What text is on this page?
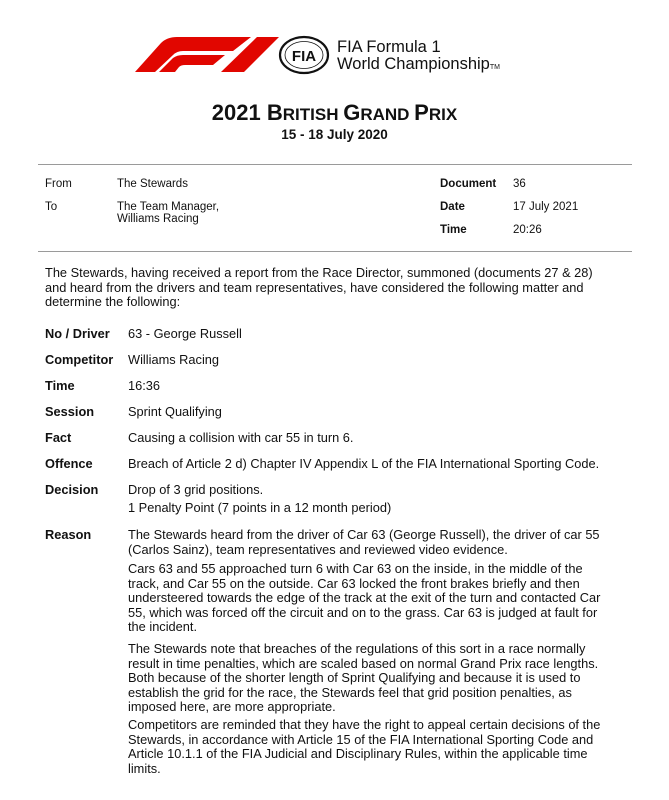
FIA
FIA Formula 1
World ChampionshipTM
2021 BRITISH GRAND PRIX
15 - 18 July 2020
From	The Stewards
To	The Team Manager,
Williams Racing
Document 36
Date	17 July 2021
Time	20:26
The Stewards, having received a report from the Race Director, summoned (documents 27 & 28)
and heard from the drivers and team representatives, have considered the following matter and
determine the following:
No / Driver 63 - George Russell
Competitor Williams Racing
Time	16:36
Session	Sprint Qualifying
Fact	Causing a collision with car 55 in turn 6.
Offence	Breach of Article 2 d) Chapter IV Appendix L of the FIA International Sporting Code.
Decision Drop of 3 grid positions.
1 Penalty Point (7 points in a 12 month period)
Reason	The Stewards heard from the driver of Car 63 (George Russell), the driver of car 55
(Carlos Sainz), team representatives and reviewed video evidence.
Cars 63 and 55 approached turn 6 with Car 63 on the inside, in the middle of the
track, and Car 55 on the outside. Car 63 locked the front brakes briefly and then
understeered towards the edge of the track at the exit of the turn and contacted Car
55, which was forced off the circuit and on to the grass. Car 63 is judged at fault for
the incident.
The Stewards note that breaches of the regulations of this sort in a race normally
result in time penalties, which are scaled based on normal Grand Prix race lengths.
Both because of the shorter length of Sprint Qualifying and because it is used to
establish the grid for the race, the Stewards feel that grid position penalties, as
imposed here, are more appropriate.
Competitors are reminded that they have the right to appeal certain decisions of the
Stewards, in accordance with Article 15 of the FIA International Sporting Code and
Article 10.1.1 of the FIA Judicial and Disciplinary Rules, within the applicable time
limits.
